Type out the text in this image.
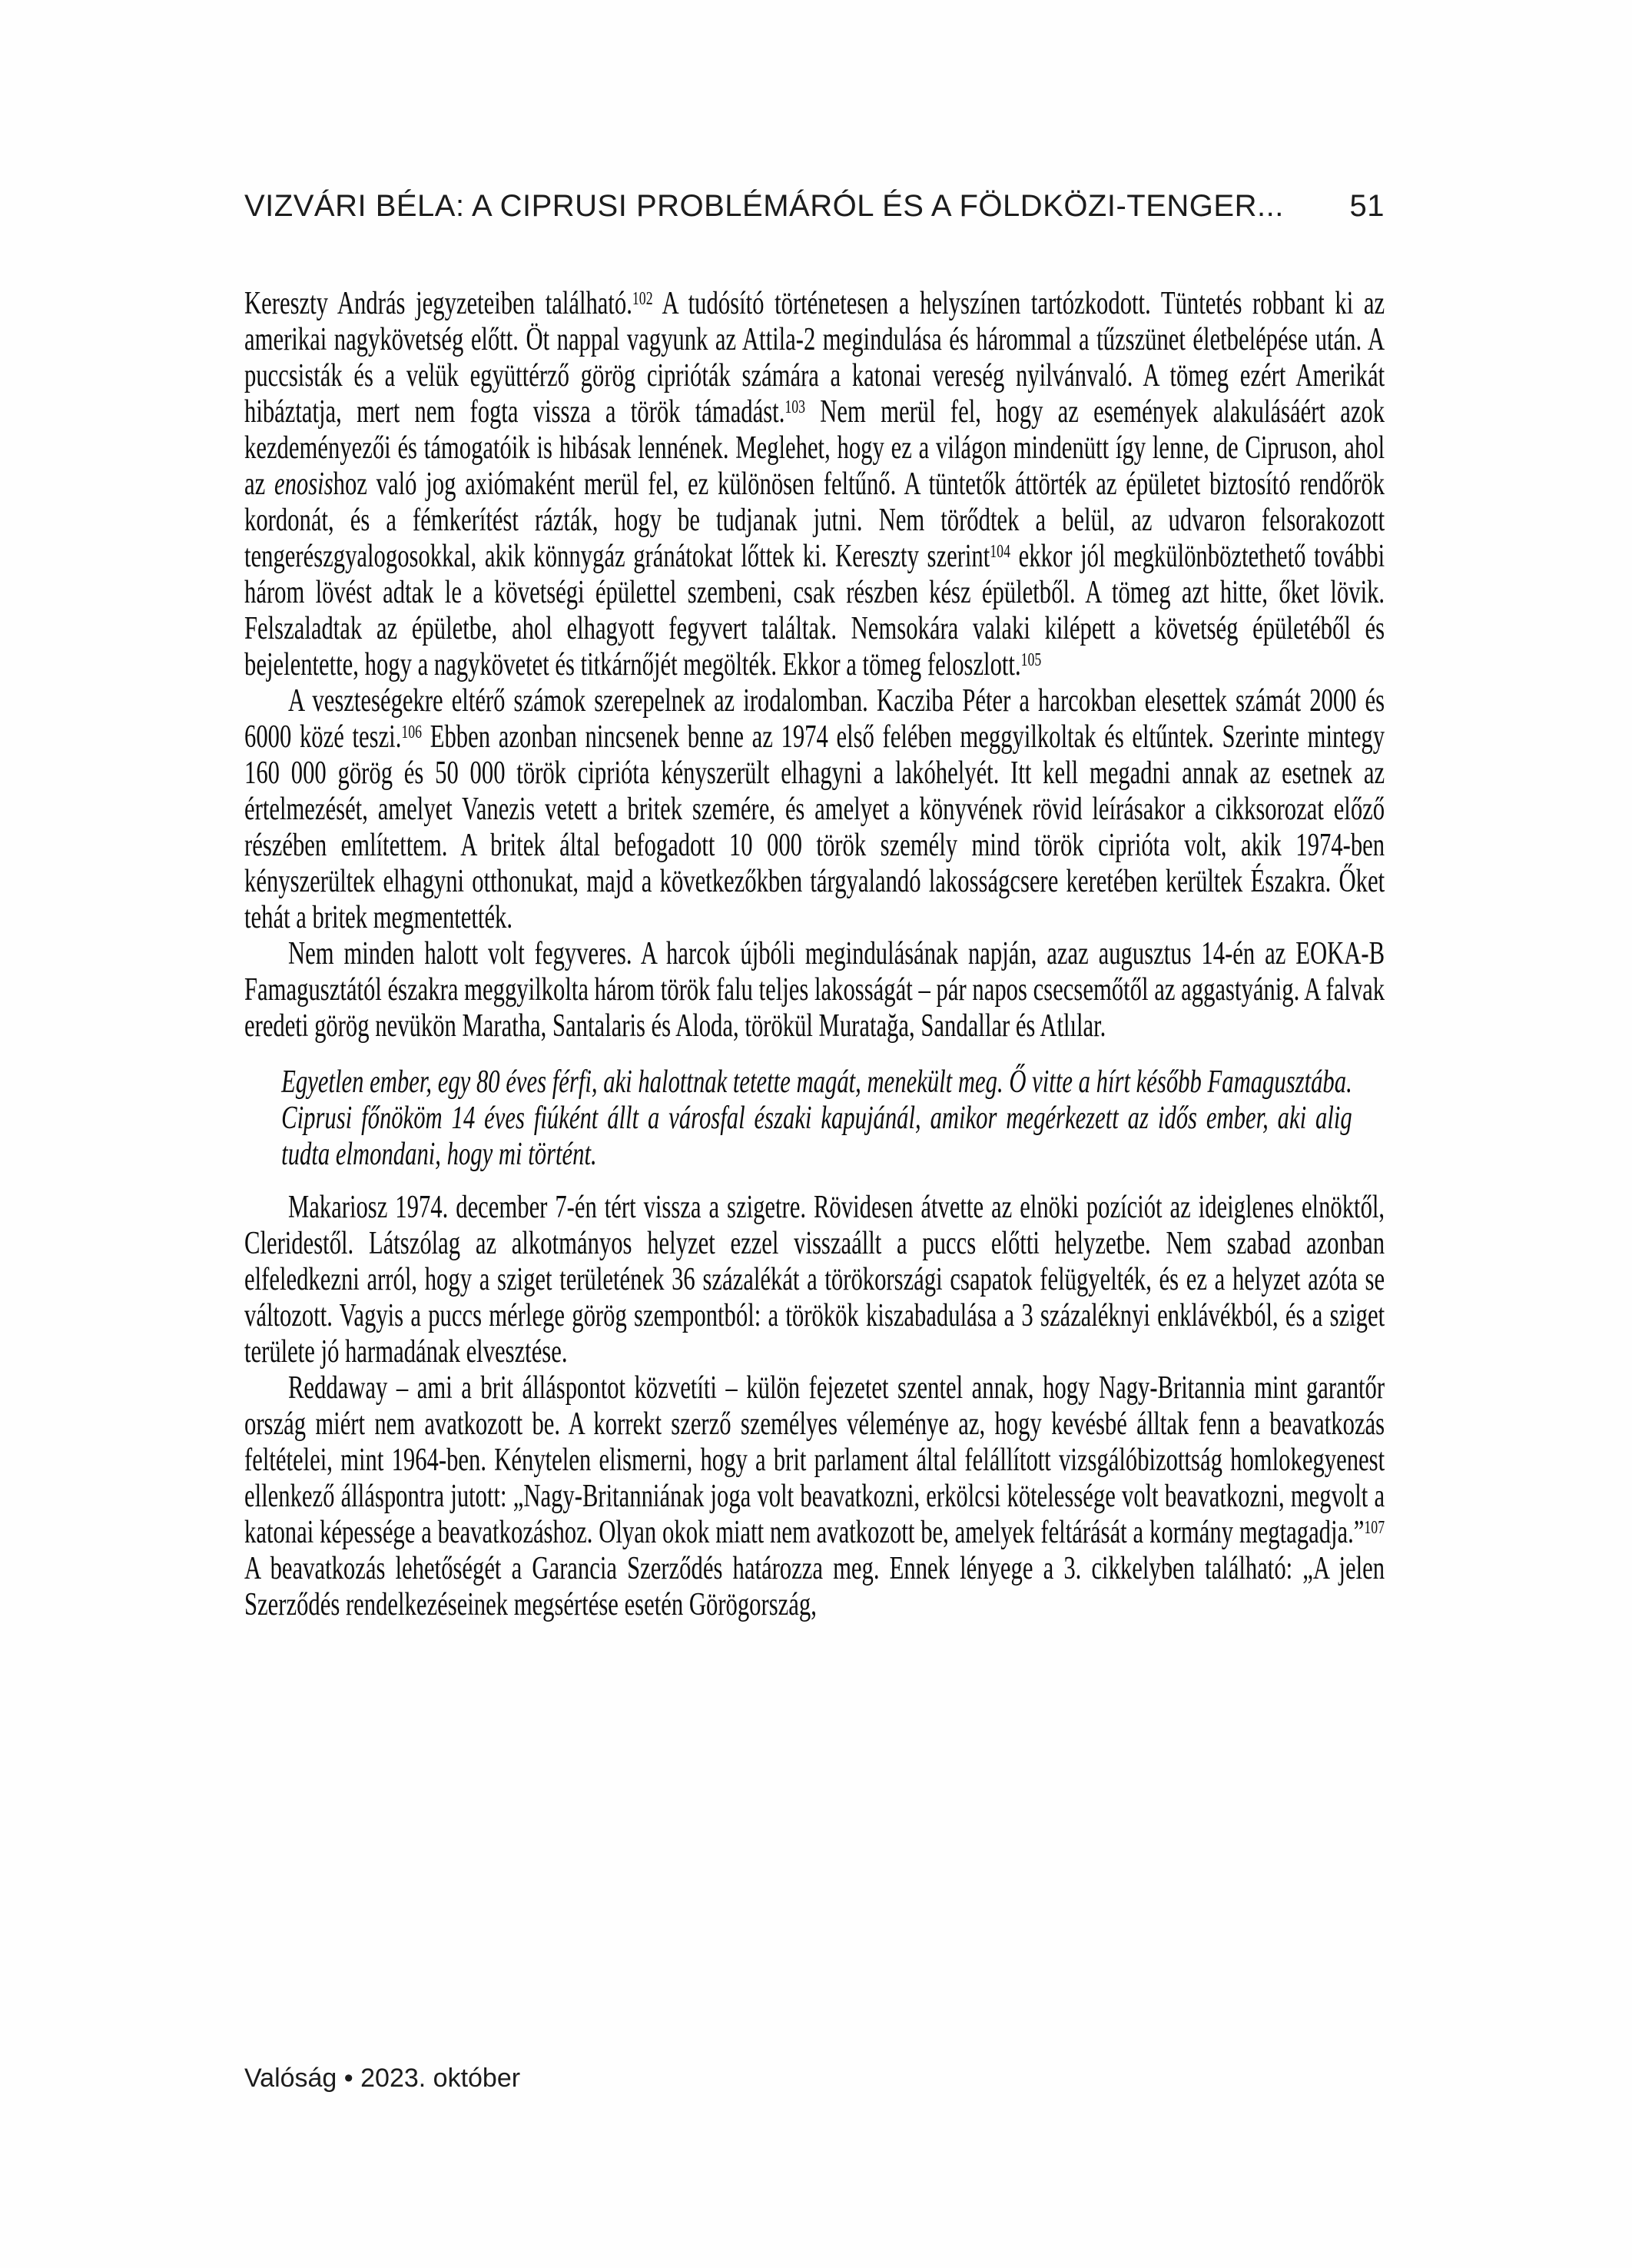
VIZVÁRI BÉLA: A CIPRUSI PROBLÉMÁRÓL ÉS A FÖLDKÖZI-TENGER... 51

Kereszty András jegyzeteiben található.$^{102}$ A tudósító történetesen a helyszínen tartózkodott. Tüntetés robbant ki az amerikai nagykövetség előtt. Öt nappal vagyunk az Attila-2 megindulása és hárommal a tűzszünet életbelépése után. A puccsisták és a velük együttérző görög ciprióták számára a katonai vereség nyilvánvaló. A tömeg ezért Amerikát hibáztatja, mert nem fogta vissza a török támadást.$^{103}$ Nem merül fel, hogy az események alakulásáért azok kezdeményezői és támogatóik is hibásak lennének. Meglehet, hogy ez a világon mindenütt így lenne, de Cipruson, ahol az enosishoz való jog axiómaként merül fel, ez különösen feltűnő. A tüntetők áttörték az épületet biztosító rendőrök kordonát, és a fémkerítést rázták, hogy be tudjanak jutni. Nem törődtek a belül, az udvaron felsorakozott tengerészgyalogosokkal, akik könnygáz gránátokat lőttek ki. Kereszty szerint$^{104}$ ekkor jól megkülönböztethető további három lövést adtak le a követségi épülettel szembeni, csak részben kész épületből. A tömeg azt hitte, őket lövik. Felszaladtak az épületbe, ahol elhagyott fegyvert találtak. Nemsokára valaki kilépett a követség épületéből és bejelentette, hogy a nagykövetet és titkárnőjét megölték. Ekkor a tömeg feloszlott.$^{105}$

A veszteségekre eltérő számok szerepelnek az irodalomban. Kacziba Péter a harcokban elesettek számát 2000 és 6000 közé teszi.$^{106}$ Ebben azonban nincsenek benne az 1974 első felében meggyilkoltak és eltűntek. Szerinte mintegy 160 000 görög és 50 000 török ciprióta kényszerült elhagyni a lakóhelyét. Itt kell megadni annak az esetnek az értelmezését, amelyet Vanezis vetett a britek szemére, és amelyet a könyvének rövid leírásakor a cikksorozat előző részében említettem. A britek által befogadott 10 000 török személy mind török ciprióta volt, akik 1974-ben kényszerültek elhagyni otthonukat, majd a következőkben tárgyalandó lakosságcsere keretében kerültek Északra. Őket tehát a britek megmentették.

Nem minden halott volt fegyveres. A harcok újbóli megindulásának napján, azaz augusztus 14-én az EOKA-B Famagusztától északra meggyilkolta három török falu teljes lakosságát – pár napos csecsemőtől az aggastyánig. A falvak eredeti görög nevükön Maratha, Santalaris és Aloda, törökül Muratağa, Sandallar és Atlılar.

Egyetlen ember, egy 80 éves férfi, aki halottnak tetette magát, menekült meg. Ő vitte a hírt később Famagusztába. Ciprusi főnököm 14 éves fiúként állt a városfal északi kapujánál, amikor megérkezett az idős ember, aki alig tudta elmondani, hogy mi történt.

Makariosz 1974. december 7-én tért vissza a szigetre. Rövidesen átvette az elnöki pozíciót az ideiglenes elnöktől, Cleridestől. Látszólag az alkotmányos helyzet ezzel visszaállt a puccs előtti helyzetbe. Nem szabad azonban elfeledkezni arról, hogy a sziget területének 36 százalékát a törökországi csapatok felügyelték, és ez a helyzet azóta se változott. Vagyis a puccs mérlege görög szempontból: a törökök kiszabadulása a 3 százaléknyi enklávékból, és a sziget területe jó harmadának elvesztése.

Reddaway – ami a brit álláspontot közvetíti – külön fejezetet szentel annak, hogy Nagy-Britannia mint garantőr ország miért nem avatkozott be. A korrekt szerző személyes véleménye az, hogy kevésbé álltak fenn a beavatkozás feltételei, mint 1964-ben. Kénytelen elismerni, hogy a brit parlament által felállított vizsgálóbizottság homlokegyenest ellenkező álláspontra jutott: „Nagy-Britanniának joga volt beavatkozni, erkölcsi kötelessége volt beavatkozni, megvolt a katonai képessége a beavatkozáshoz. Olyan okok miatt nem avatkozott be, amelyek feltárását a kormány megtagadja.”$^{107}$ A beavatkozás lehetőségét a Garancia Szerződés határozza meg. Ennek lényege a 3. cikkelyben található: „A jelen Szerződés rendelkezéseinek megsértése esetén Görögország,

Valóság • 2023. október
